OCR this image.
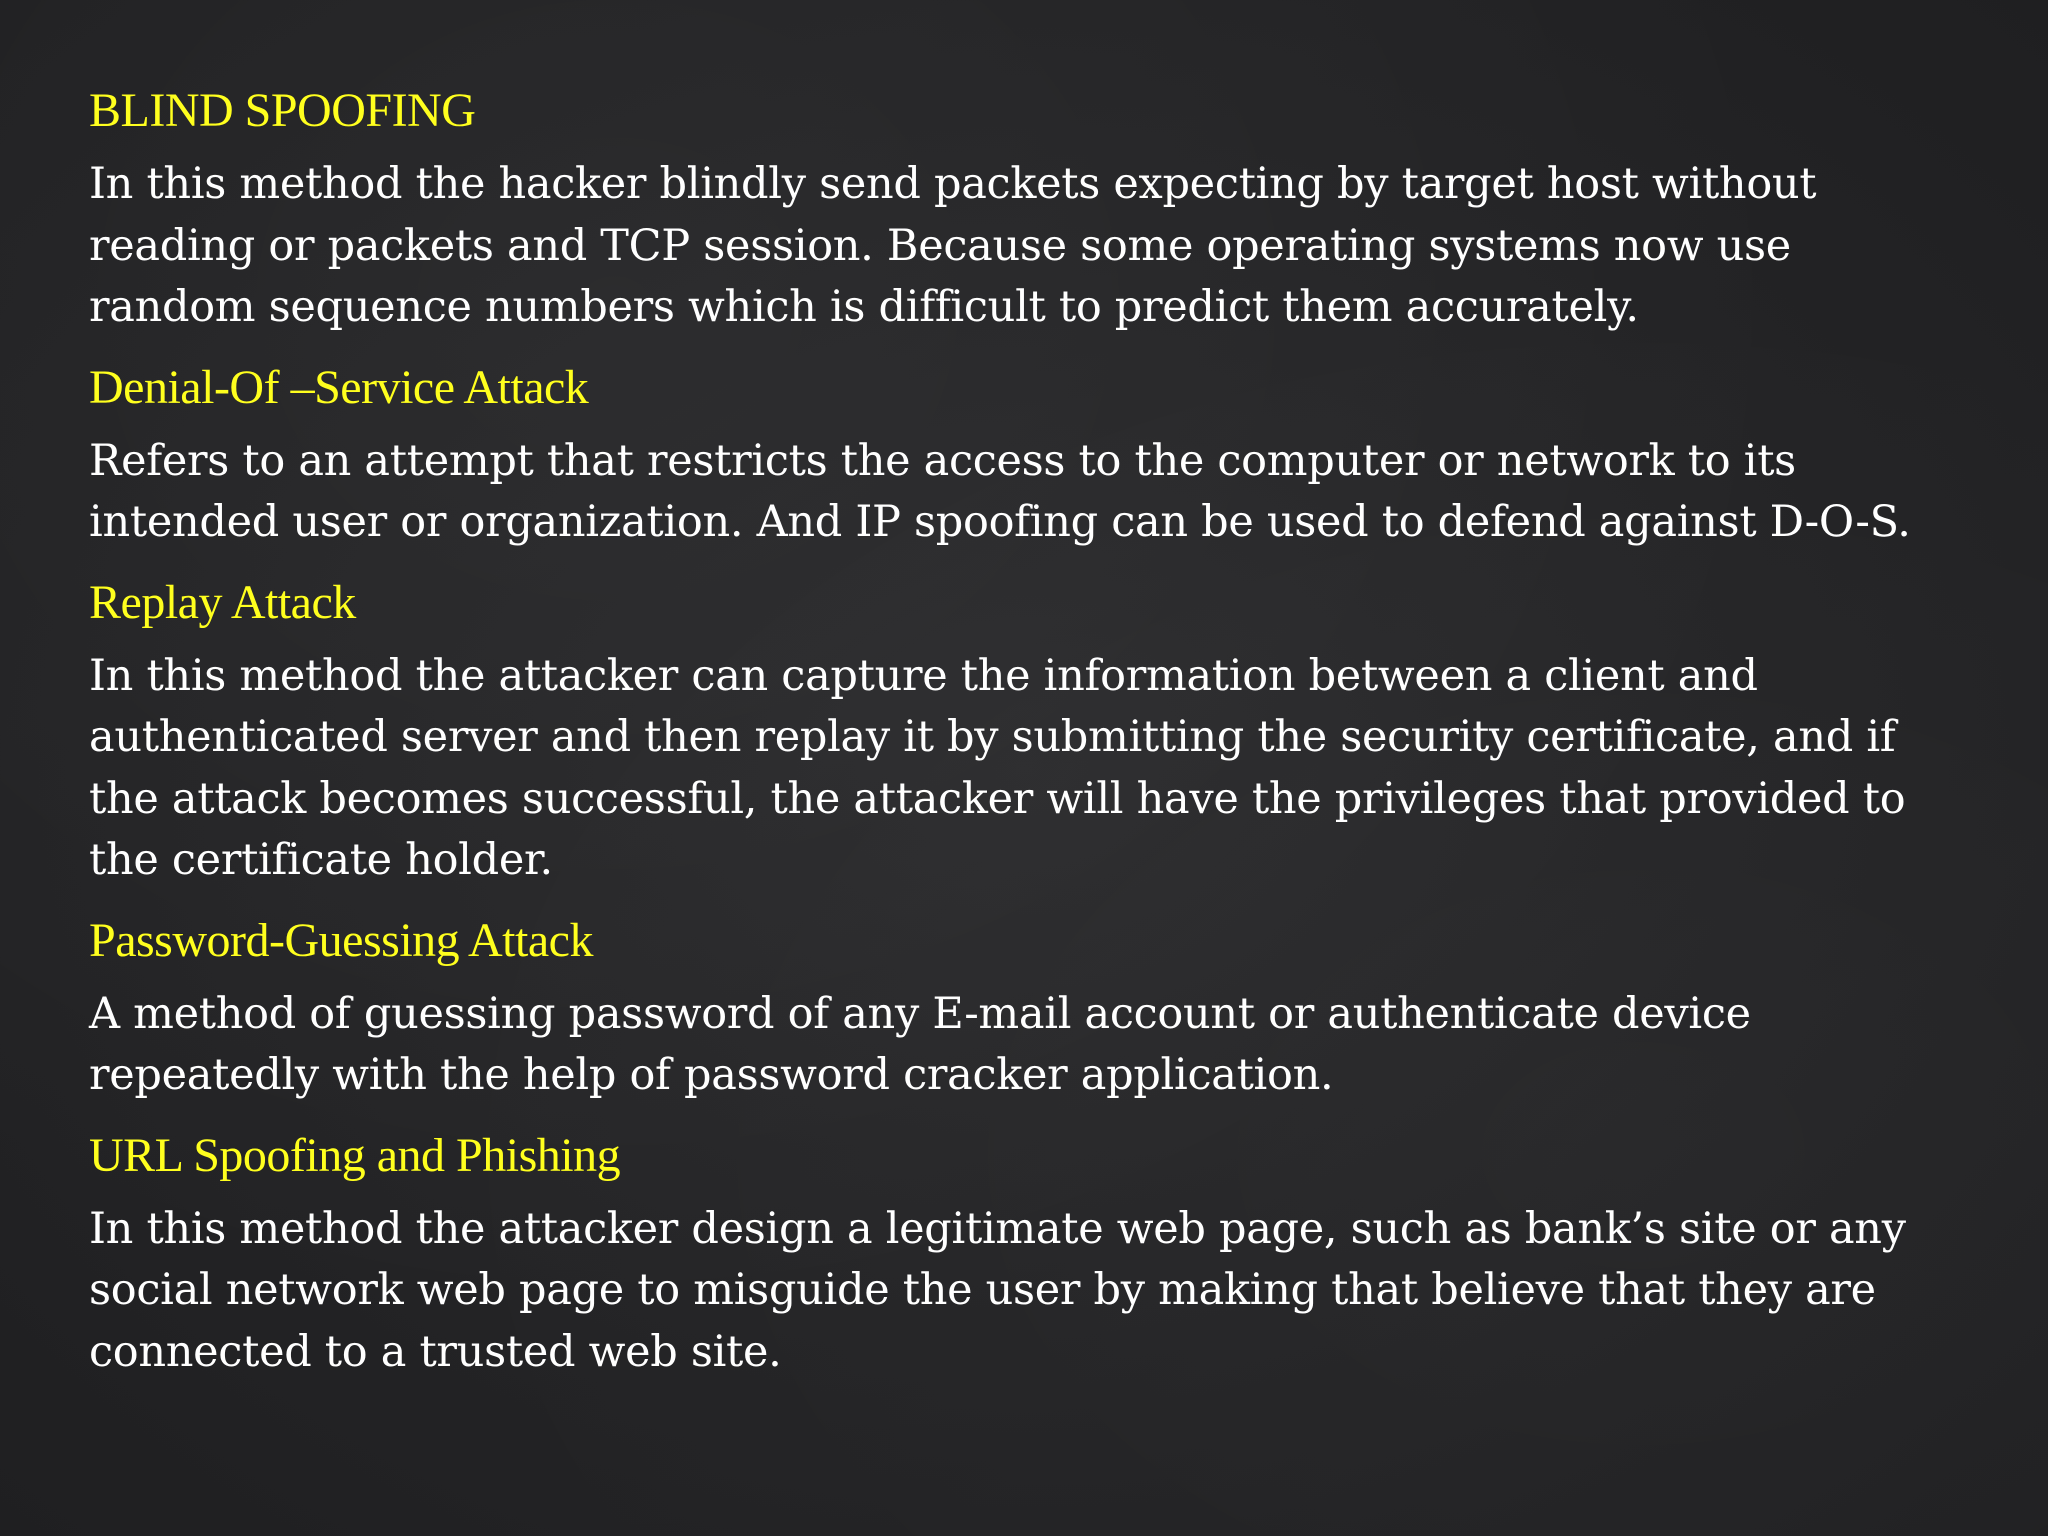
BLIND SPOOFING
In this method the hacker blindly send packets expecting by target host without
reading or packets and TCP session. Because some operating systems now use
random sequence numbers which is difficult to predict them accurately.
Denial-Of –Service Attack
Refers to an attempt that restricts the access to the computer or network to its
intended user or organization. And IP spoofing can be used to defend against D-O-S.
Replay Attack
In this method the attacker can capture the information between a client and
authenticated server and then replay it by submitting the security certificate, and if
the attack becomes successful, the attacker will have the privileges that provided to
the certificate holder.
Password-Guessing Attack
A method of guessing password of any E-mail account or authenticate device
repeatedly with the help of password cracker application.
URL Spoofing and Phishing
In this method the attacker design a legitimate web page, such as bank’s site or any
social network web page to misguide the user by making that believe that they are
connected to a trusted web site.
